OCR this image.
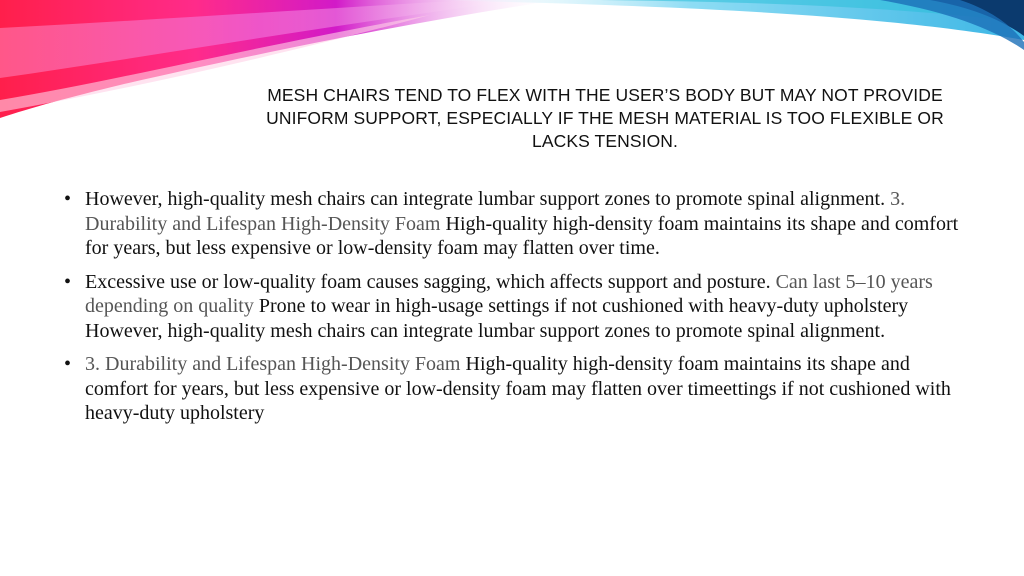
MESH CHAIRS TEND TO FLEX WITH THE USER’S BODY BUT MAY NOT PROVIDE UNIFORM SUPPORT, ESPECIALLY IF THE MESH MATERIAL IS TOO FLEXIBLE OR LACKS TENSION.
• However, high-quality mesh chairs can integrate lumbar support zones to promote spinal alignment. 3. Durability and Lifespan High-Density Foam High-quality high-density foam maintains its shape and comfort for years, but less expensive or low-density foam may flatten over time.
• Excessive use or low-quality foam causes sagging, which affects support and posture. Can last 5–10 years depending on quality Prone to wear in high-usage settings if not cushioned with heavy-duty upholstery
However, high-quality mesh chairs can integrate lumbar support zones to promote spinal alignment.
• 3. Durability and Lifespan High-Density Foam High-quality high-density foam maintains its shape and comfort for years, but less expensive or low-density foam may flatten over timeettings if not cushioned with heavy-duty upholstery
